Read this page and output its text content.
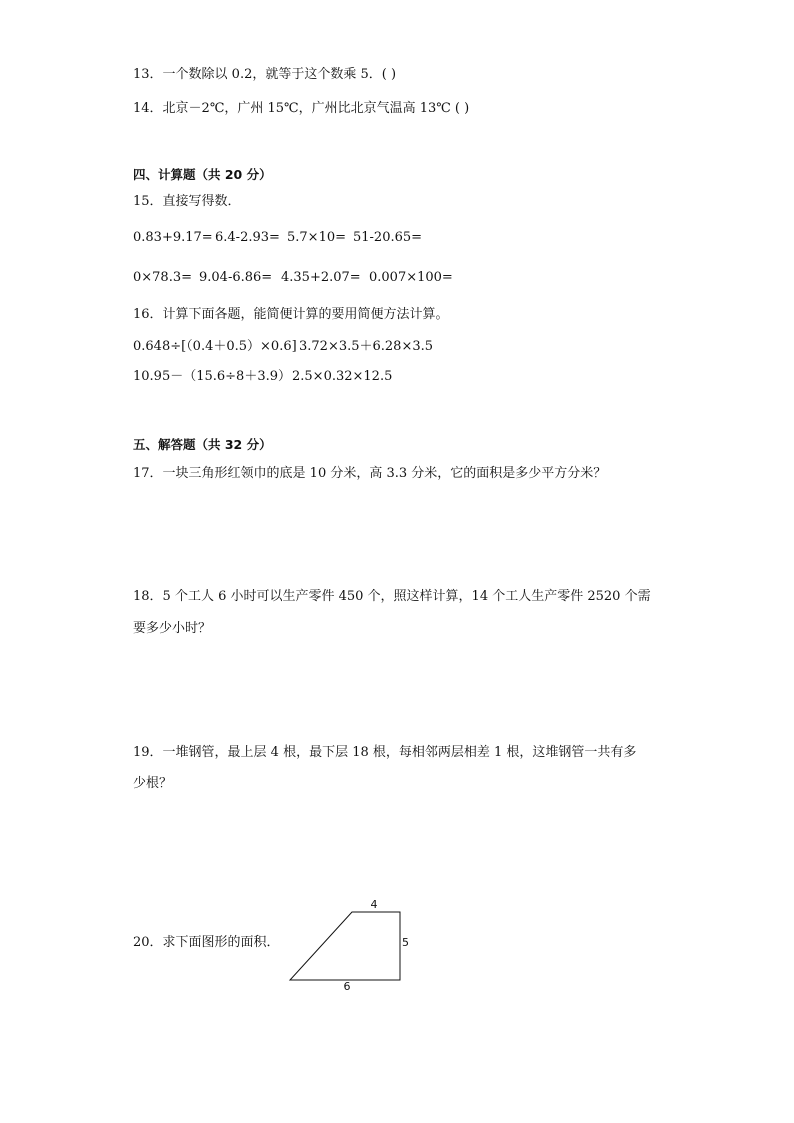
13．一个数除以 0.2，就等于这个数乘 5．( )
14．北京－2℃，广州 15℃，广州比北京气温高 13℃ ( )
四、计算题（共 20 分）
15．直接写得数．
0.83+9.17= 6.4-2.93= 5.7×10= 51-20.65=
0×78.3= 9.04-6.86= 4.35+2.07= 0.007×100=
16．计算下面各题，能简便计算的要用简便方法计算。
0.648÷[（0.4＋0.5）×0.6] 3.72×3.5＋6.28×3.5
10.95－（15.6÷8＋3.9）2.5×0.32×12.5
五、解答题（共 32 分）
17．一块三角形红领巾的底是 10 分米，高 3.3 分米，它的面积是多少平方分米？
18．5 个工人 6 小时可以生产零件 450 个，照这样计算，14 个工人生产零件 2520 个需
要多少小时？
19．一堆钢管，最上层 4 根，最下层 18 根，每相邻两层相差 1 根，这堆钢管一共有多
少根？
20．求下面图形的面积．
4
5
6
